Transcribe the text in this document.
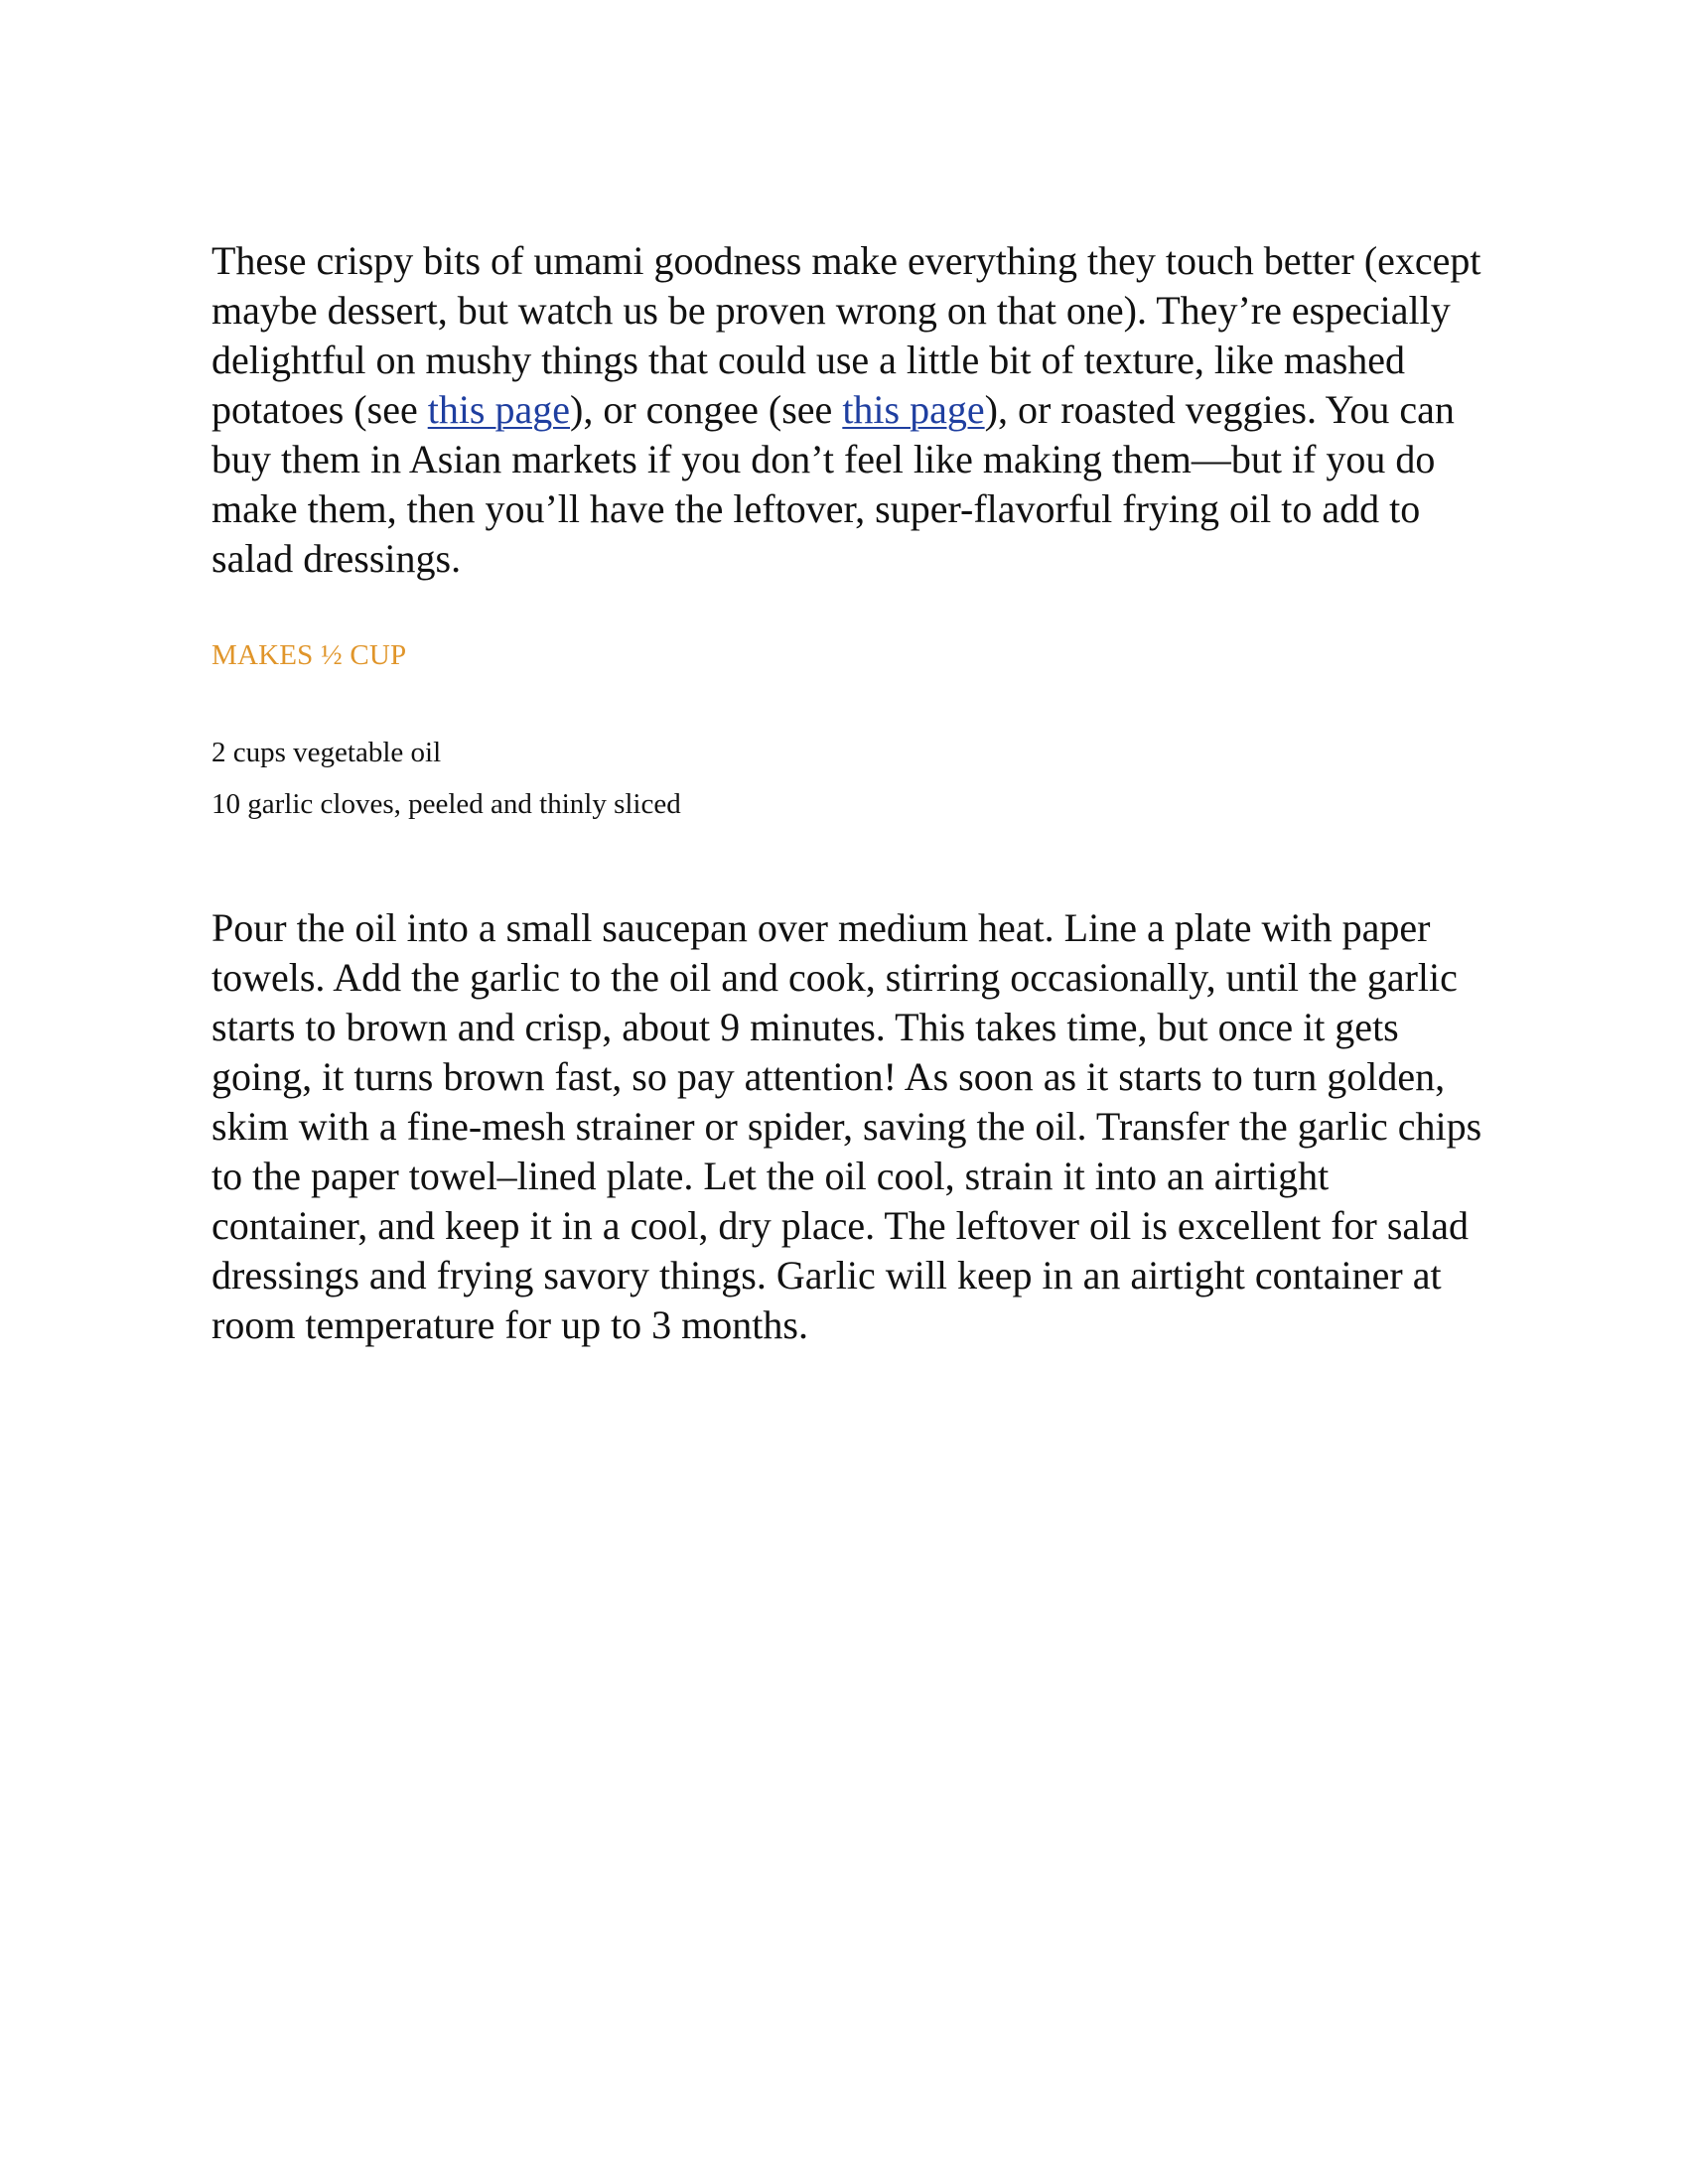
These crispy bits of umami goodness make everything they touch better (except maybe dessert, but watch us be proven wrong on that one). They’re especially delightful on mushy things that could use a little bit of texture, like mashed potatoes (see this page), or congee (see this page), or roasted veggies. You can buy them in Asian markets if you don’t feel like making them—but if you do make them, then you’ll have the leftover, super-flavorful frying oil to add to salad dressings.

MAKES ½ CUP

2 cups vegetable oil
10 garlic cloves, peeled and thinly sliced

Pour the oil into a small saucepan over medium heat. Line a plate with paper towels. Add the garlic to the oil and cook, stirring occasionally, until the garlic starts to brown and crisp, about 9 minutes. This takes time, but once it gets going, it turns brown fast, so pay attention! As soon as it starts to turn golden, skim with a fine-mesh strainer or spider, saving the oil. Transfer the garlic chips to the paper towel–lined plate. Let the oil cool, strain it into an airtight container, and keep it in a cool, dry place. The leftover oil is excellent for salad dressings and frying savory things. Garlic will keep in an airtight container at room temperature for up to 3 months.
